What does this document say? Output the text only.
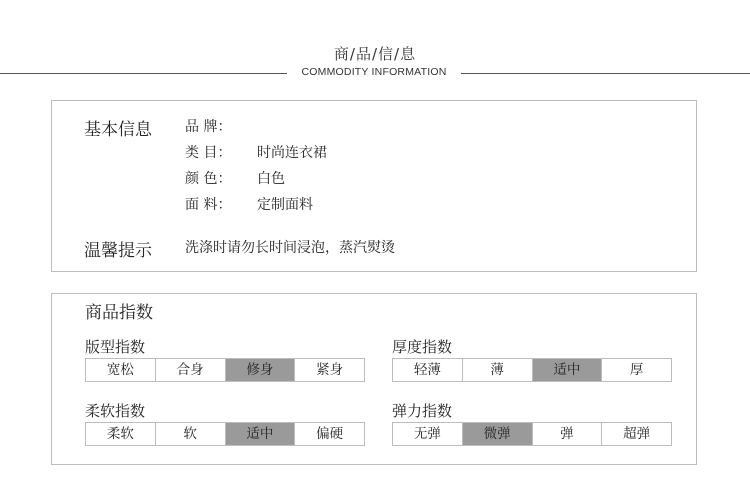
商/品/信/息
COMMODITY INFORMATION
基本信息 品 牌：
类 目： 时尚连衣裙
颜 色： 白色
面 料： 定制面料
温馨提示 洗涤时请勿长时间浸泡，蒸汽熨烫
商品指数
版型指数
宽松	合身	修身	紧身
厚度指数
轻薄	薄	适中	厚
柔软指数
柔软	软	适中	偏硬
弹力指数
无弹	微弹	弹	超弹
